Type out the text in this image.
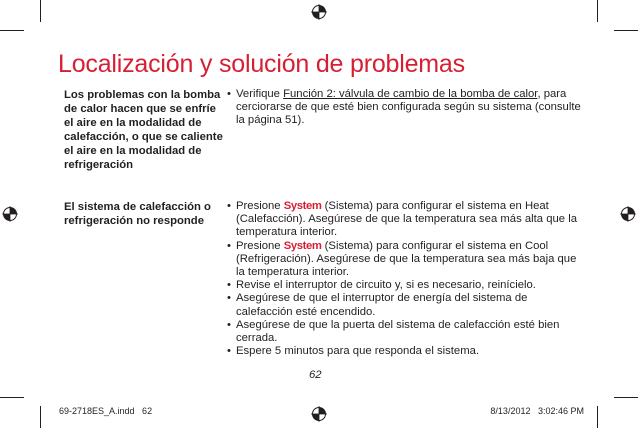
Localización y solución de problemas
Los problemas con la bomba de calor hacen que se enfríe el aire en la modalidad de calefacción, o que se caliente el aire en la modalidad de refrigeración
• Verifique Función 2: válvula de cambio de la bomba de calor, para cerciorarse de que esté bien configurada según su sistema (consulte la página 51).
El sistema de calefacción o refrigeración no responde
• Presione System (Sistema) para configurar el sistema en Heat (Calefacción). Asegúrese de que la temperatura sea más alta que la temperatura interior.
• Presione System (Sistema) para configurar el sistema en Cool (Refrigeración). Asegúrese de que la temperatura sea más baja que la temperatura interior.
• Revise el interruptor de circuito y, si es necesario, reinícielo.
• Asegúrese de que el interruptor de energía del sistema de calefacción esté encendido.
• Asegúrese de que la puerta del sistema de calefacción esté bien cerrada.
• Espere 5 minutos para que responda el sistema.
62
69-2718ES_A.indd   62	8/13/2012   3:02:46 PM
